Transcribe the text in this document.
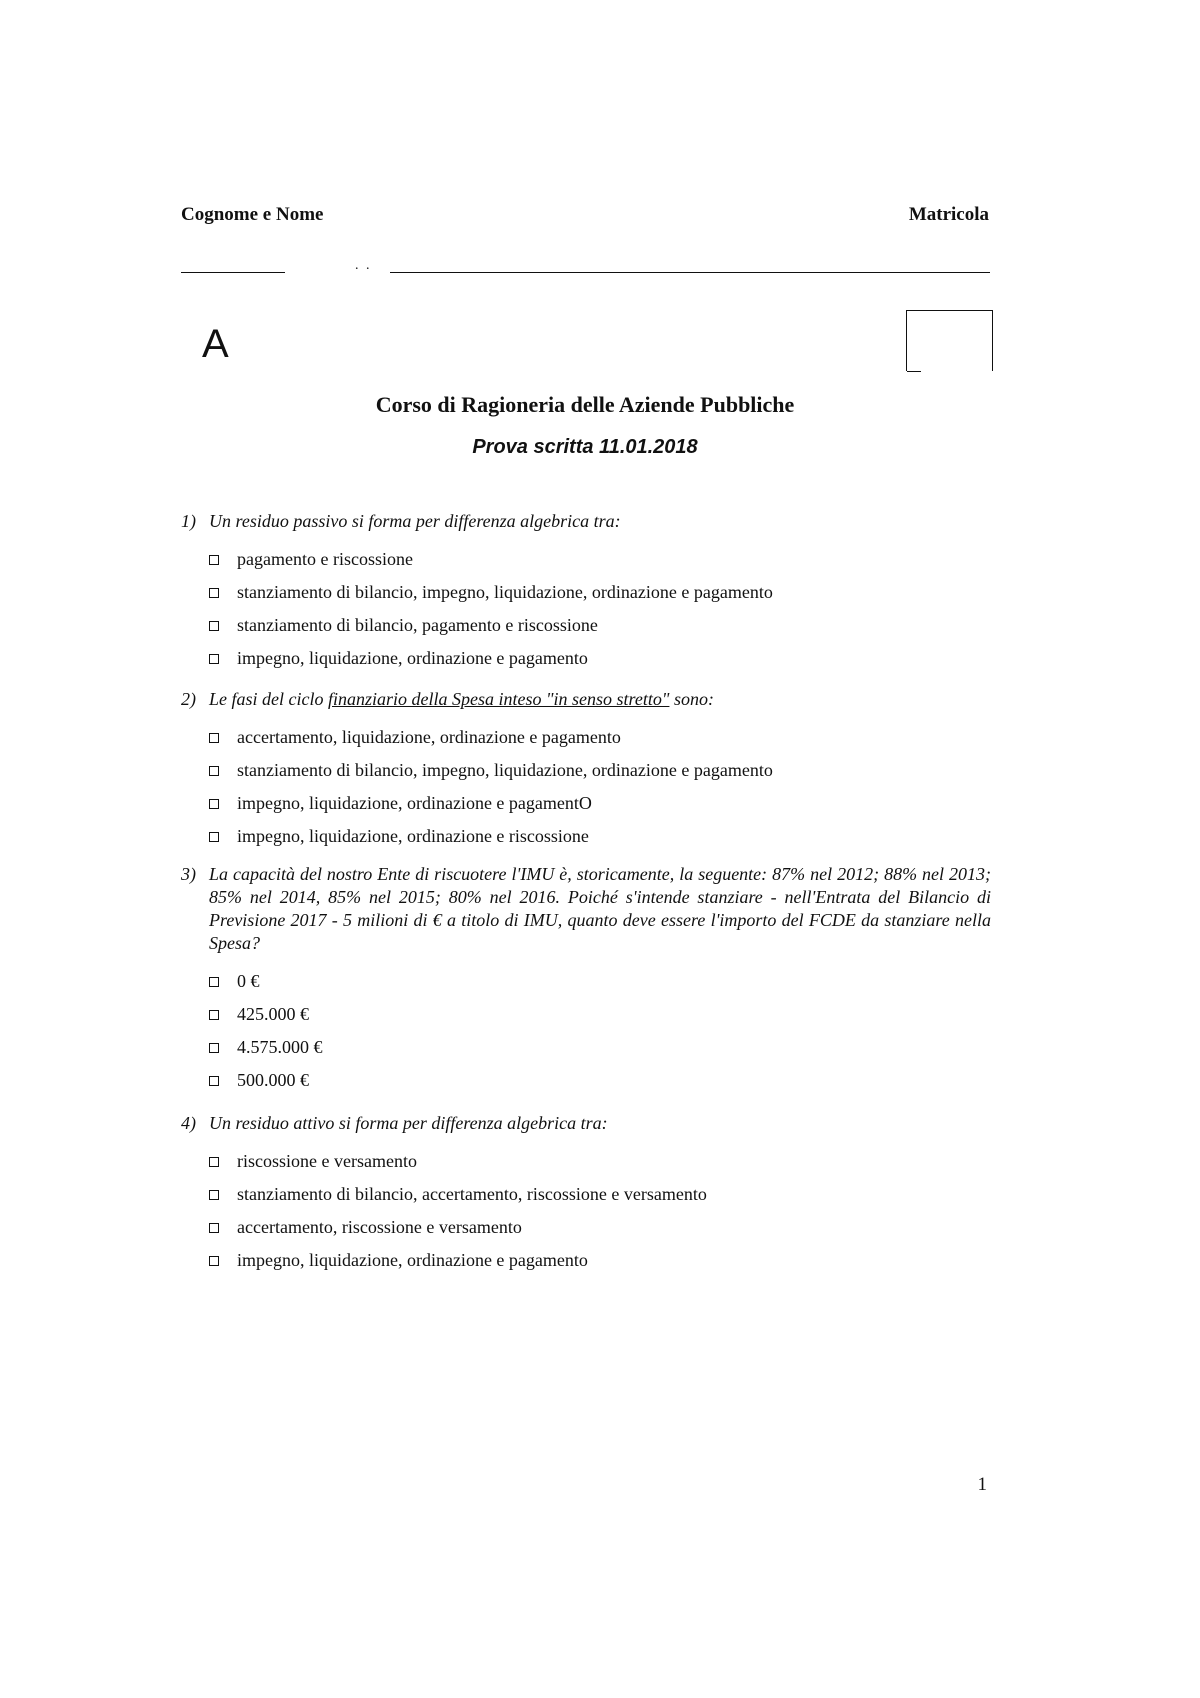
Cognome e Nome	Matricola
. .
A
Corso di Ragioneria delle Aziende Pubbliche
Prova scritta 11.01.2018
1) Un residuo passivo si forma per differenza algebrica tra:
pagamento e riscossione
stanziamento di bilancio, impegno, liquidazione, ordinazione e pagamento
stanziamento di bilancio, pagamento e riscossione
impegno, liquidazione, ordinazione e pagamento
2) Le fasi del ciclo finanziario della Spesa inteso "in senso stretto" sono:
accertamento, liquidazione, ordinazione e pagamento
stanziamento di bilancio, impegno, liquidazione, ordinazione e pagamento
impegno, liquidazione, ordinazione e pagamentO
impegno, liquidazione, ordinazione e riscossione
3) La capacità del nostro Ente di riscuotere l'IMU è, storicamente, la seguente: 87% nel 2012; 88% nel 2013; 85% nel 2014, 85% nel 2015; 80% nel 2016. Poiché s'intende stanziare - nell'Entrata del Bilancio di Previsione 2017 - 5 milioni di € a titolo di IMU, quanto deve essere l'importo del FCDE da stanziare nella Spesa?
0 €
425.000 €
4.575.000 €
500.000 €
4) Un residuo attivo si forma per differenza algebrica tra:
riscossione e versamento
stanziamento di bilancio, accertamento, riscossione e versamento
accertamento, riscossione e versamento
impegno, liquidazione, ordinazione e pagamento
1
